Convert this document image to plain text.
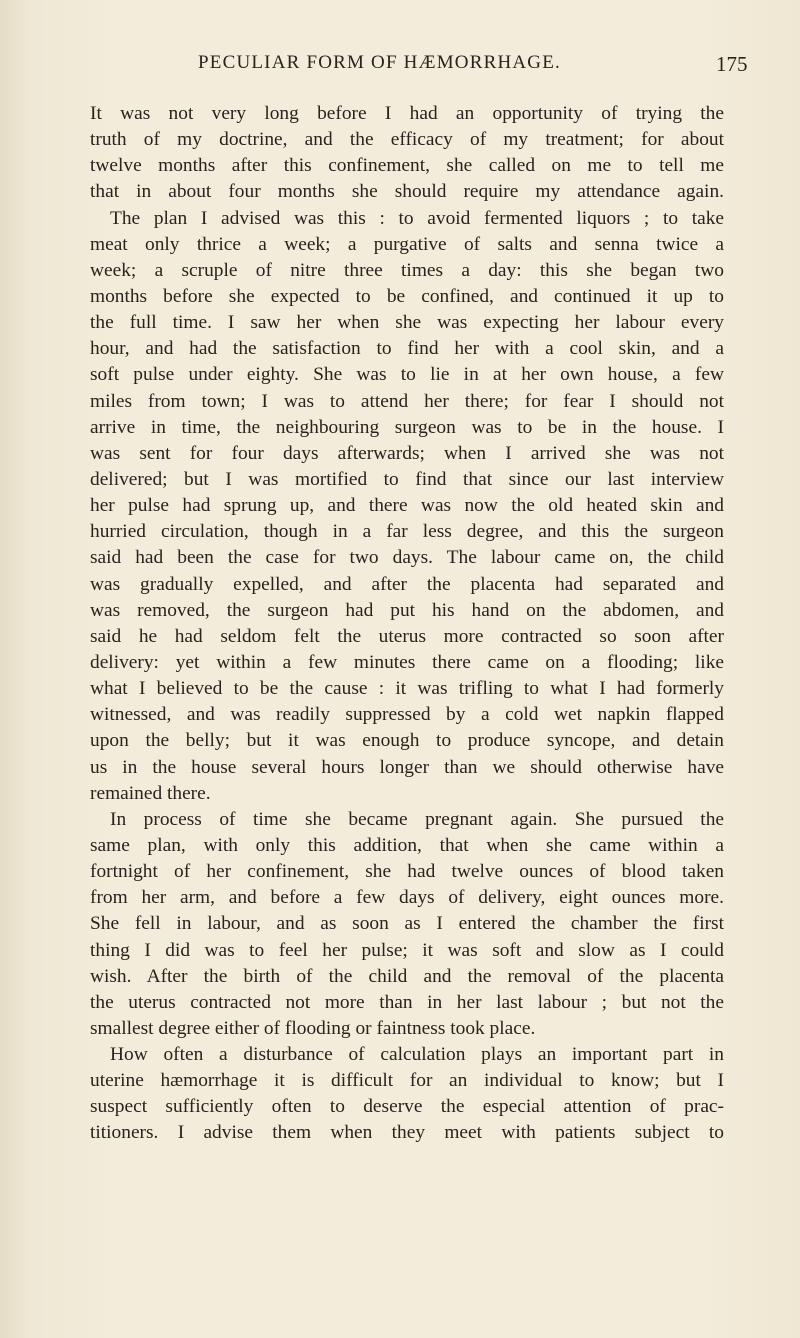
PECULIAR FORM OF HÆMORRHAGE.	175
It was not very long before I had an opportunity of trying the
truth of my doctrine, and the efficacy of my treatment; for about
twelve months after this confinement, she called on me to tell me
that in about four months she should require my attendance again.
The plan I advised was this : to avoid fermented liquors ; to take
meat only thrice a week; a purgative of salts and senna twice a
week; a scruple of nitre three times a day: this she began two
months before she expected to be confined, and continued it up to
the full time. I saw her when she was expecting her labour every
hour, and had the satisfaction to find her with a cool skin, and a
soft pulse under eighty. She was to lie in at her own house, a few
miles from town; I was to attend her there; for fear I should not
arrive in time, the neighbouring surgeon was to be in the house. I
was sent for four days afterwards; when I arrived she was not
delivered; but I was mortified to find that since our last interview
her pulse had sprung up, and there was now the old heated skin and
hurried circulation, though in a far less degree, and this the surgeon
said had been the case for two days. The labour came on, the child
was gradually expelled, and after the placenta had separated and
was removed, the surgeon had put his hand on the abdomen, and
said he had seldom felt the uterus more contracted so soon after
delivery: yet within a few minutes there came on a flooding; like
what I believed to be the cause : it was trifling to what I had formerly
witnessed, and was readily suppressed by a cold wet napkin flapped
upon the belly; but it was enough to produce syncope, and detain
us in the house several hours longer than we should otherwise have
remained there.
In process of time she became pregnant again. She pursued the
same plan, with only this addition, that when she came within a
fortnight of her confinement, she had twelve ounces of blood taken
from her arm, and before a few days of delivery, eight ounces more.
She fell in labour, and as soon as I entered the chamber the first
thing I did was to feel her pulse; it was soft and slow as I could
wish. After the birth of the child and the removal of the placenta
the uterus contracted not more than in her last labour ; but not the
smallest degree either of flooding or faintness took place.
How often a disturbance of calculation plays an important part in
uterine hæmorrhage it is difficult for an individual to know; but I
suspect sufficiently often to deserve the especial attention of prac-
titioners. I advise them when they meet with patients subject to
